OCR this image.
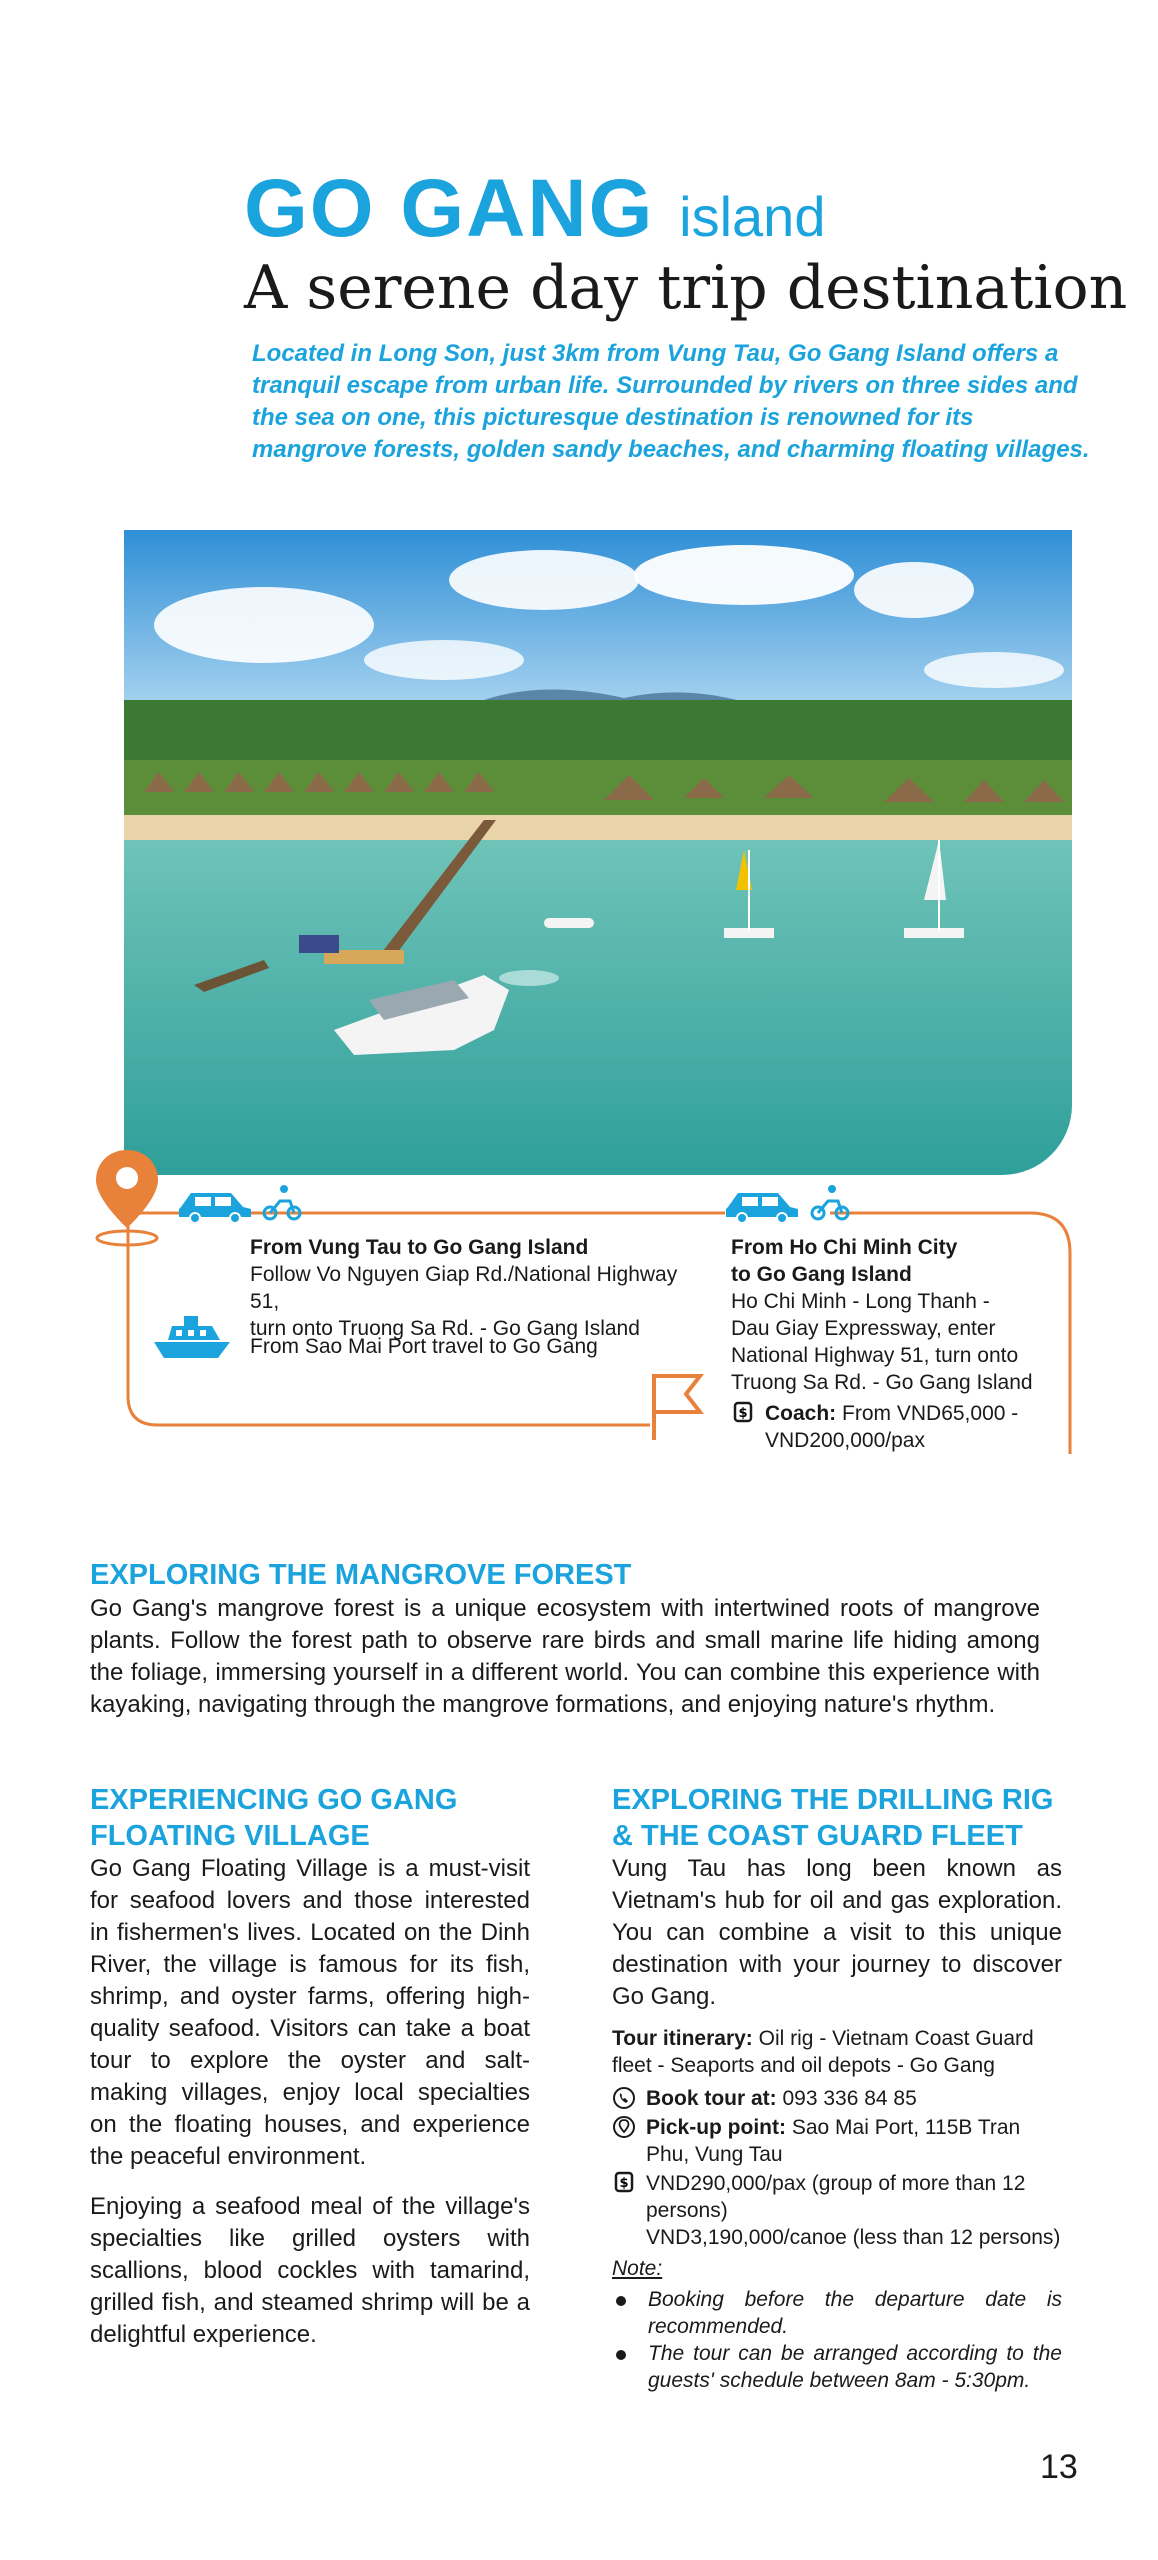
GO GANG island
A serene day trip destination
Located in Long Son, just 3km from Vung Tau, Go Gang Island offers a tranquil escape from urban life. Surrounded by rivers on three sides and the sea on one, this picturesque destination is renowned for its mangrove forests, golden sandy beaches, and charming floating villages.
From Vung Tau to Go Gang Island
Follow Vo Nguyen Giap Rd./National Highway 51,
turn onto Truong Sa Rd. - Go Gang Island
From Sao Mai Port travel to Go Gang
From Ho Chi Minh City
to Go Gang Island
Ho Chi Minh - Long Thanh -
Dau Giay Expressway, enter
National Highway 51, turn onto
Truong Sa Rd. - Go Gang Island
$ Coach: From VND65,000 -
VND200,000/pax
EXPLORING THE MANGROVE FOREST
Go Gang's mangrove forest is a unique ecosystem with intertwined roots of mangrove plants. Follow the forest path to observe rare birds and small marine life hiding among the foliage, immersing yourself in a different world. You can combine this experience with kayaking, navigating through the mangrove formations, and enjoying nature's rhythm.
EXPERIENCING GO GANG
FLOATING VILLAGE
Go Gang Floating Village is a must-visit for seafood lovers and those interested in fishermen's lives. Located on the Dinh River, the village is famous for its fish, shrimp, and oyster farms, offering high-quality seafood. Visitors can take a boat tour to explore the oyster and salt-making villages, enjoy local specialties on the floating houses, and experience the peaceful environment.
Enjoying a seafood meal of the village's specialties like grilled oysters with scallions, blood cockles with tamarind, grilled fish, and steamed shrimp will be a delightful experience.
EXPLORING THE DRILLING RIG
& THE COAST GUARD FLEET
Vung Tau has long been known as Vietnam's hub for oil and gas exploration. You can combine a visit to this unique destination with your journey to discover Go Gang.
Tour itinerary: Oil rig - Vietnam Coast Guard fleet - Seaports and oil depots - Go Gang
Book tour at: 093 336 84 85
Pick-up point: Sao Mai Port, 115B Tran Phu, Vung Tau
$ VND290,000/pax (group of more than 12 persons)
VND3,190,000/canoe (less than 12 persons)
Note:
Booking before the departure date is recommended.
The tour can be arranged according to the guests' schedule between 8am - 5:30pm.
13
